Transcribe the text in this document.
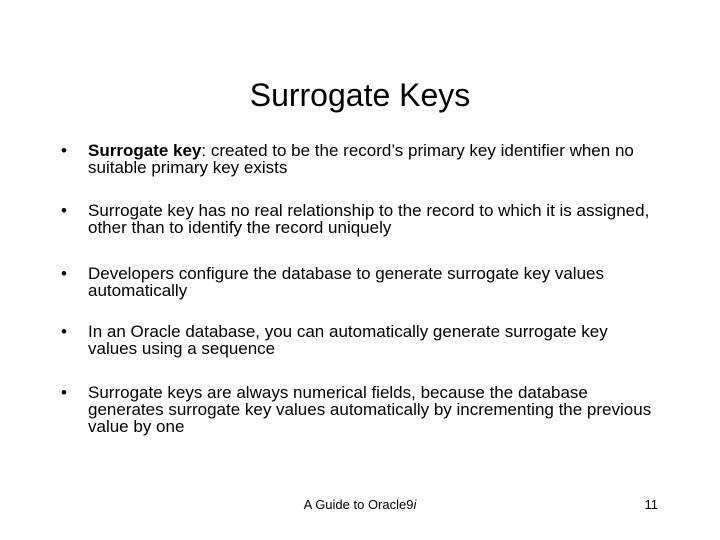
Surrogate Keys
• Surrogate key: created to be the record’s primary key identifier when no suitable primary key exists
• Surrogate key has no real relationship to the record to which it is assigned, other than to identify the record uniquely
• Developers configure the database to generate surrogate key values automatically
• In an Oracle database, you can automatically generate surrogate key values using a sequence
• Surrogate keys are always numerical fields, because the database generates surrogate key values automatically by incrementing the previous value by one
A Guide to Oracle9i	11
